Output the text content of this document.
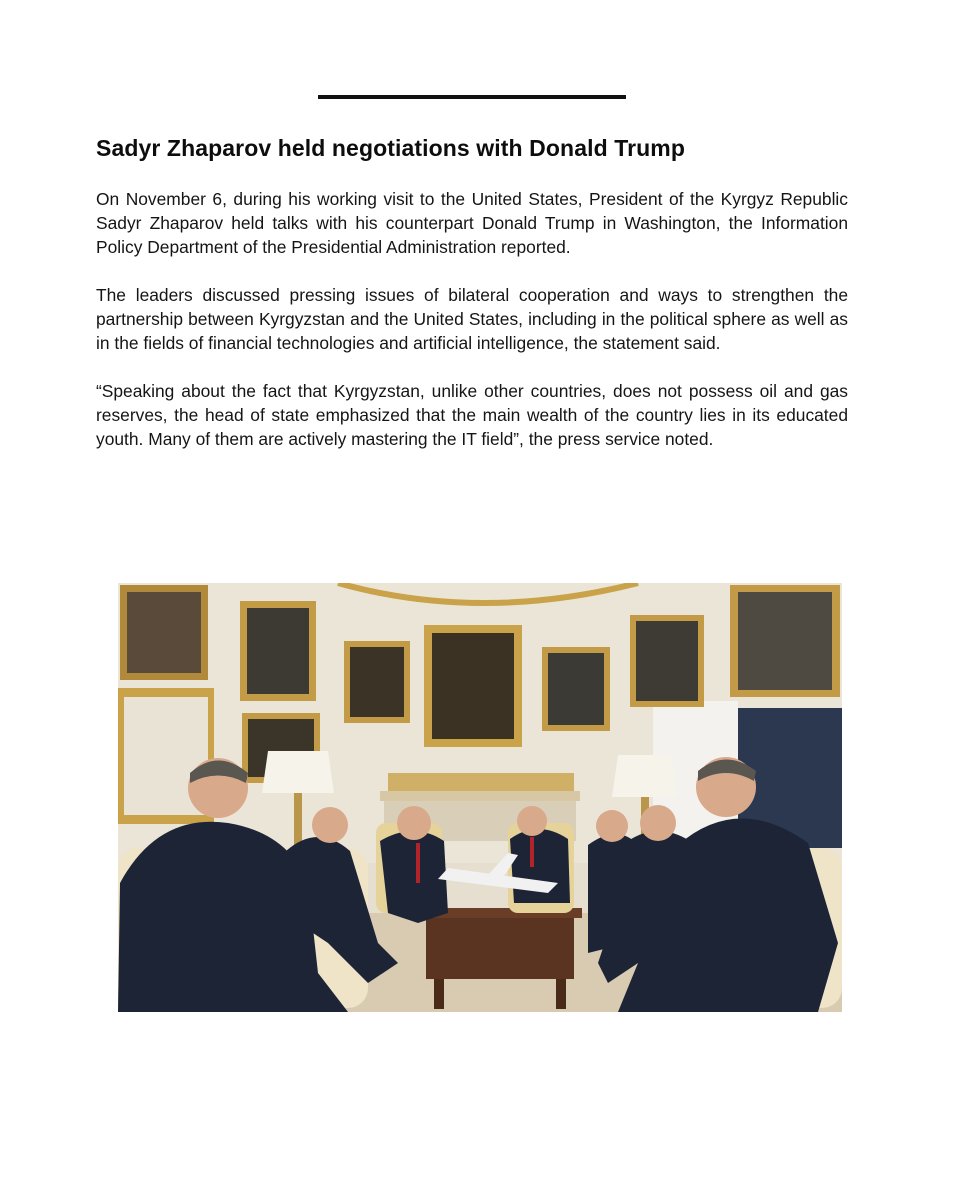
Sadyr Zhaparov held negotiations with Donald Trump

On November 6, during his working visit to the United States, President of the Kyrgyz Republic Sadyr Zhaparov held talks with his counterpart Donald Trump in Washington, the Information Policy Department of the Presidential Administration reported.

The leaders discussed pressing issues of bilateral cooperation and ways to strengthen the partnership between Kyrgyzstan and the United States, including in the political sphere as well as in the fields of financial technologies and artificial intelligence, the statement said.

“Speaking about the fact that Kyrgyzstan, unlike other countries, does not possess oil and gas reserves, the head of state emphasized that the main wealth of the country lies in its educated youth. Many of them are actively mastering the IT field”, the press service noted.
